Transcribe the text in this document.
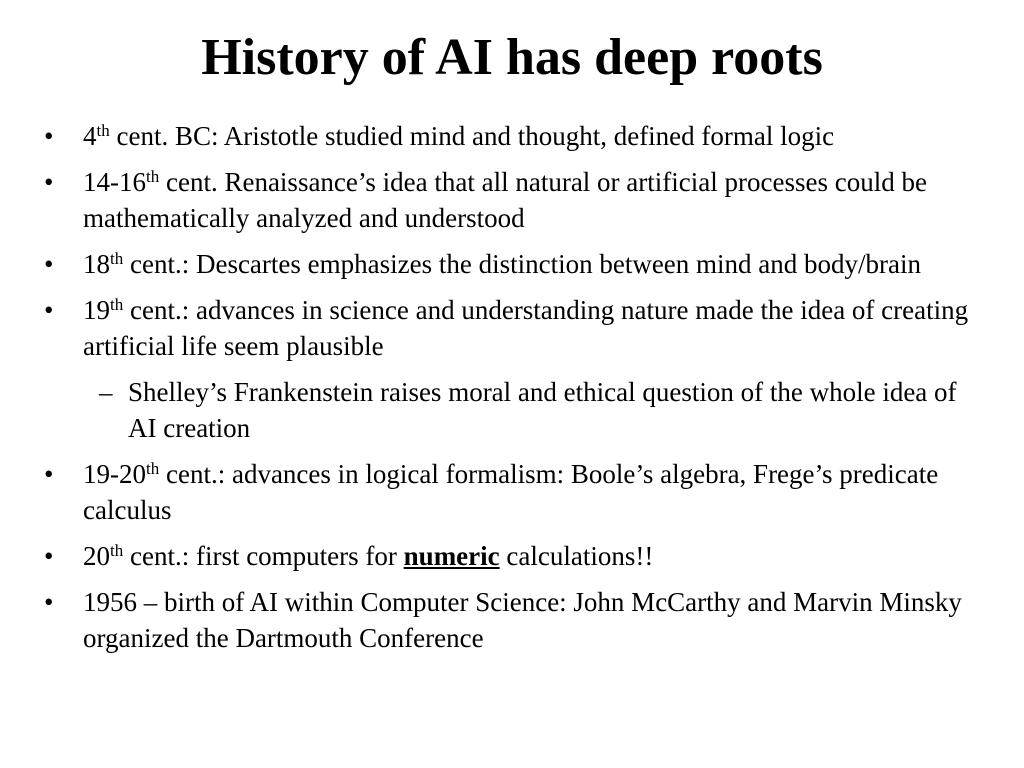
History of AI has deep roots
• 4th cent. BC: Aristotle studied mind and thought, defined formal logic
• 14-16th cent. Renaissance’s idea that all natural or artificial processes could be mathematically analyzed and understood
• 18th cent.: Descartes emphasizes the distinction between mind and body/brain
• 19th cent.: advances in science and understanding nature made the idea of creating artificial life seem plausible
– Shelley’s Frankenstein raises moral and ethical question of the whole idea of AI creation
• 19-20th cent.: advances in logical formalism: Boole’s algebra, Frege’s predicate calculus
• 20th cent.: first computers for numeric calculations!!
• 1956 – birth of AI within Computer Science: John McCarthy and Marvin Minsky organized the Dartmouth Conference
